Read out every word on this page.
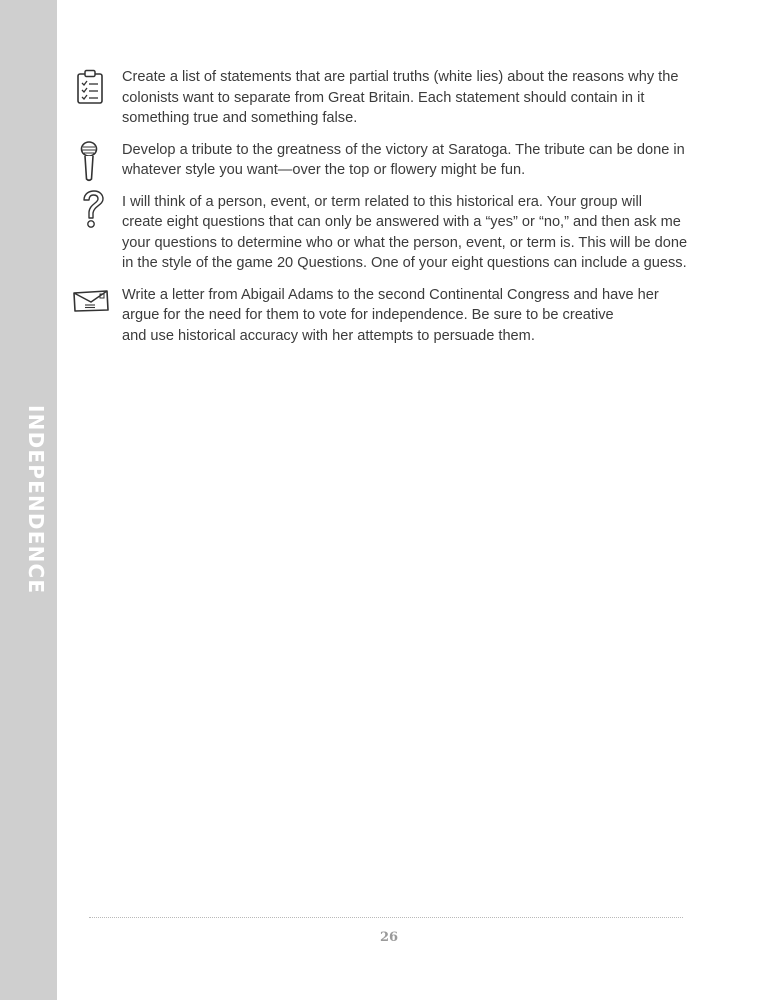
INDEPENDENCE
Create a list of statements that are partial truths (white lies) about the reasons why the
colonists want to separate from Great Britain. Each statement should contain in it
something true and something false.
Develop a tribute to the greatness of the victory at Saratoga. The tribute can be done in
whatever style you want—over the top or flowery might be fun.
I will think of a person, event, or term related to this historical era. Your group will
create eight questions that can only be answered with a “yes” or “no,” and then ask me
your questions to determine who or what the person, event, or term is. This will be done
in the style of the game 20 Questions. One of your eight questions can include a guess.
Write a letter from Abigail Adams to the second Continental Congress and have her
argue for the need for them to vote for independence. Be sure to be creative
and use historical accuracy with her attempts to persuade them.
26
